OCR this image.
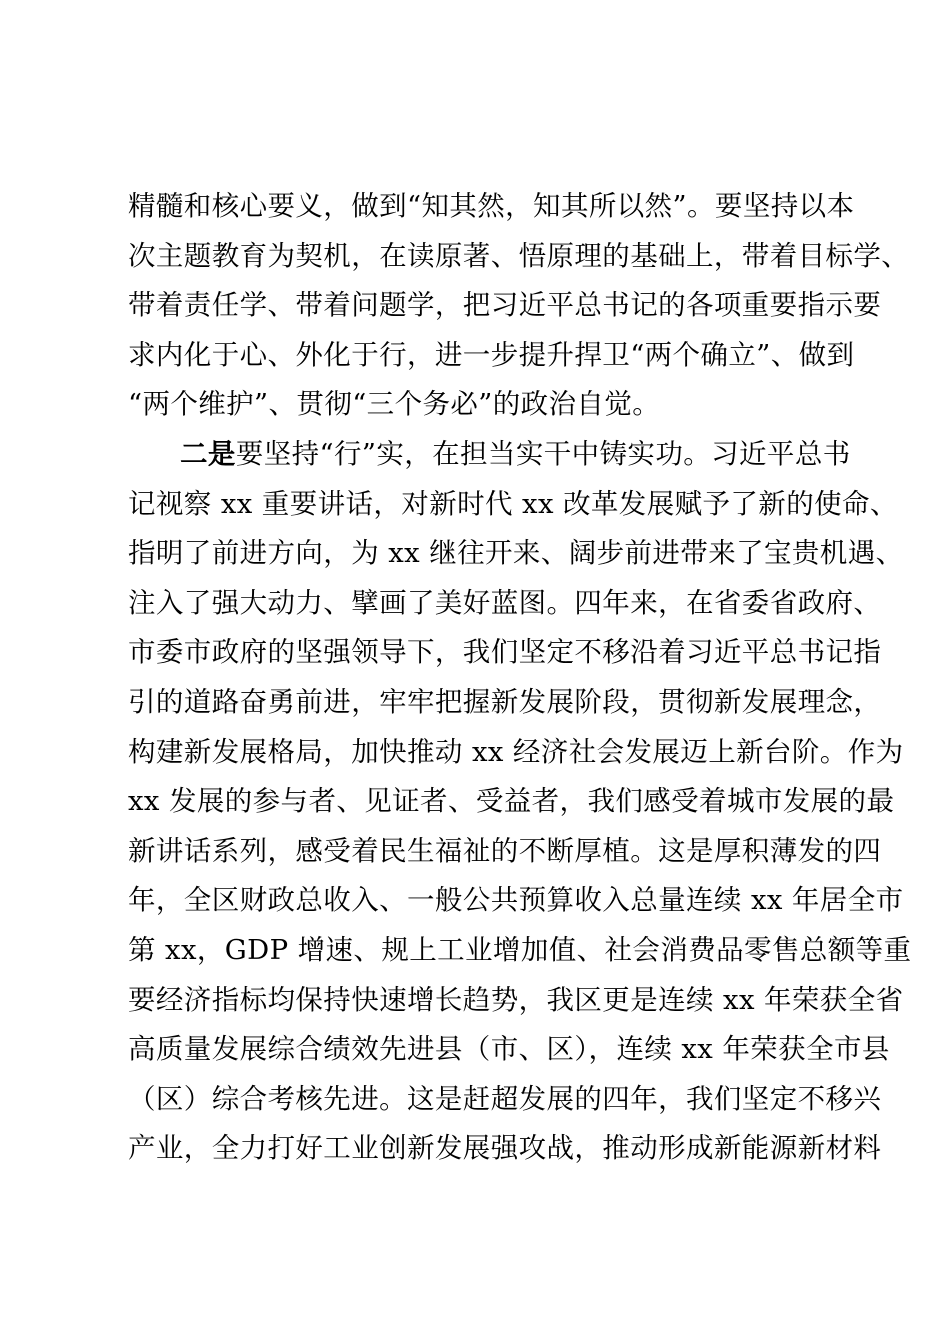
精髓和核心要义，做到“知其然，知其所以然”。要坚持以本
次主题教育为契机，在读原著、悟原理的基础上，带着目标学、
带着责任学、带着问题学，把习近平总书记的各项重要指示要
求内化于心、外化于行，进一步提升捍卫“两个确立”、做到
“两个维护”、贯彻“三个务必”的政治自觉。
二是要坚持“行”实，在担当实干中铸实功。习近平总书
记视察 xx 重要讲话，对新时代 xx 改革发展赋予了新的使命、
指明了前进方向，为 xx 继往开来、阔步前进带来了宝贵机遇、
注入了强大动力、擘画了美好蓝图。四年来，在省委省政府、
市委市政府的坚强领导下，我们坚定不移沿着习近平总书记指
引的道路奋勇前进，牢牢把握新发展阶段，贯彻新发展理念，
构建新发展格局，加快推动 xx 经济社会发展迈上新台阶。作为
xx 发展的参与者、见证者、受益者，我们感受着城市发展的最
新讲话系列，感受着民生福祉的不断厚植。这是厚积薄发的四
年，全区财政总收入、一般公共预算收入总量连续 xx 年居全市
第 xx，GDP 增速、规上工业增加值、社会消费品零售总额等重
要经济指标均保持快速增长趋势，我区更是连续 xx 年荣获全省
高质量发展综合绩效先进县（市、区），连续 xx 年荣获全市县
（区）综合考核先进。这是赶超发展的四年，我们坚定不移兴
产业，全力打好工业创新发展强攻战，推动形成新能源新材料
